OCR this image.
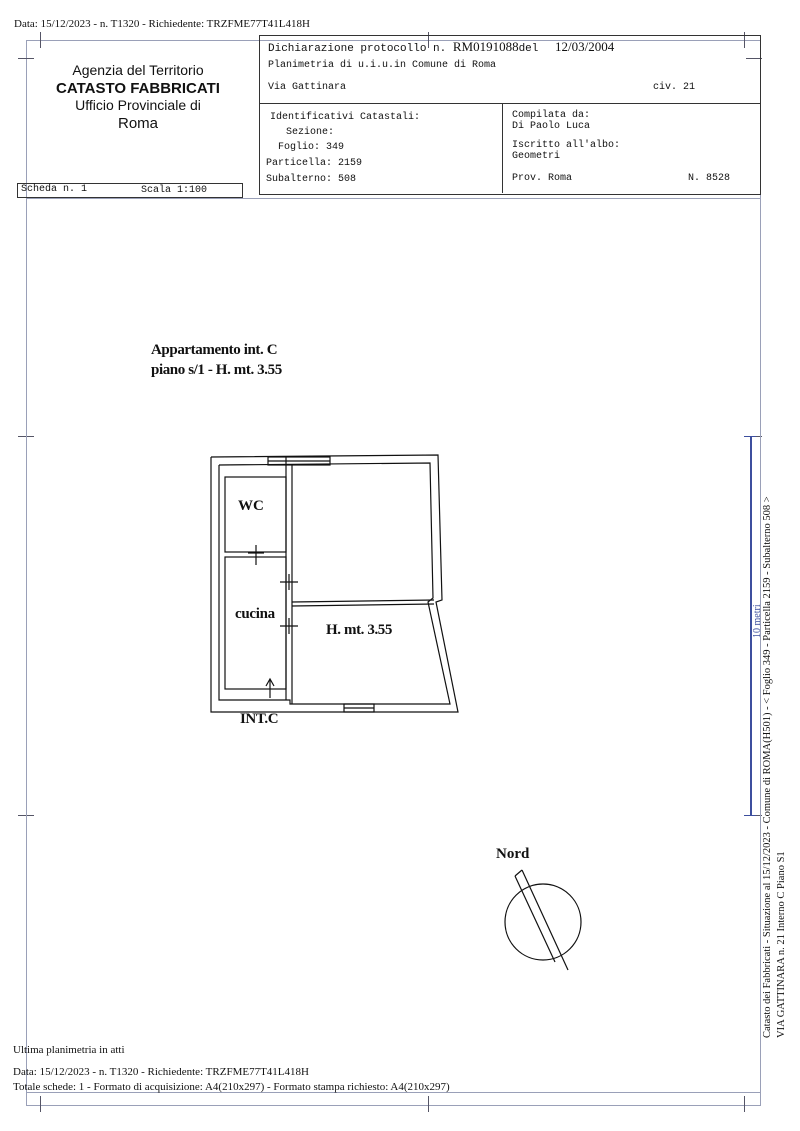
Data: 15/12/2023 - n. T1320 - Richiedente: TRZFME77T41L418H
Agenzia del Territorio
CATASTO FABBRICATI
Ufficio Provinciale di
Roma
Dichiarazione protocollo n. RM0191088del 12/03/2004
Planimetria di u.i.u.in Comune di Roma
Via Gattinara	civ. 21
Identificativi Catastali:
Sezione:
Foglio: 349
Particella: 2159
Subalterno: 508
Compilata da:
Di Paolo Luca
Iscritto all'albo:
Geometri
Prov. Roma	N. 8528
Scheda n. 1	Scala 1:100
Appartamento int. C
piano s/1 - H. mt. 3.55
WC
cucina
H. mt. 3.55
INT.C
Nord
10 metri Catasto dei Fabbricati - Situazione al 15/12/2023 - Comune di ROMA(H501) - < Foglio 349 - Particella 2159 - Subalterno 508 > VIA GATTINARA n. 21 Interno C Piano S1
Ultima planimetria in atti
Data: 15/12/2023 - n. T1320 - Richiedente: TRZFME77T41L418H
Totale schede: 1 - Formato di acquisizione: A4(210x297) - Formato stampa richiesto: A4(210x297)
